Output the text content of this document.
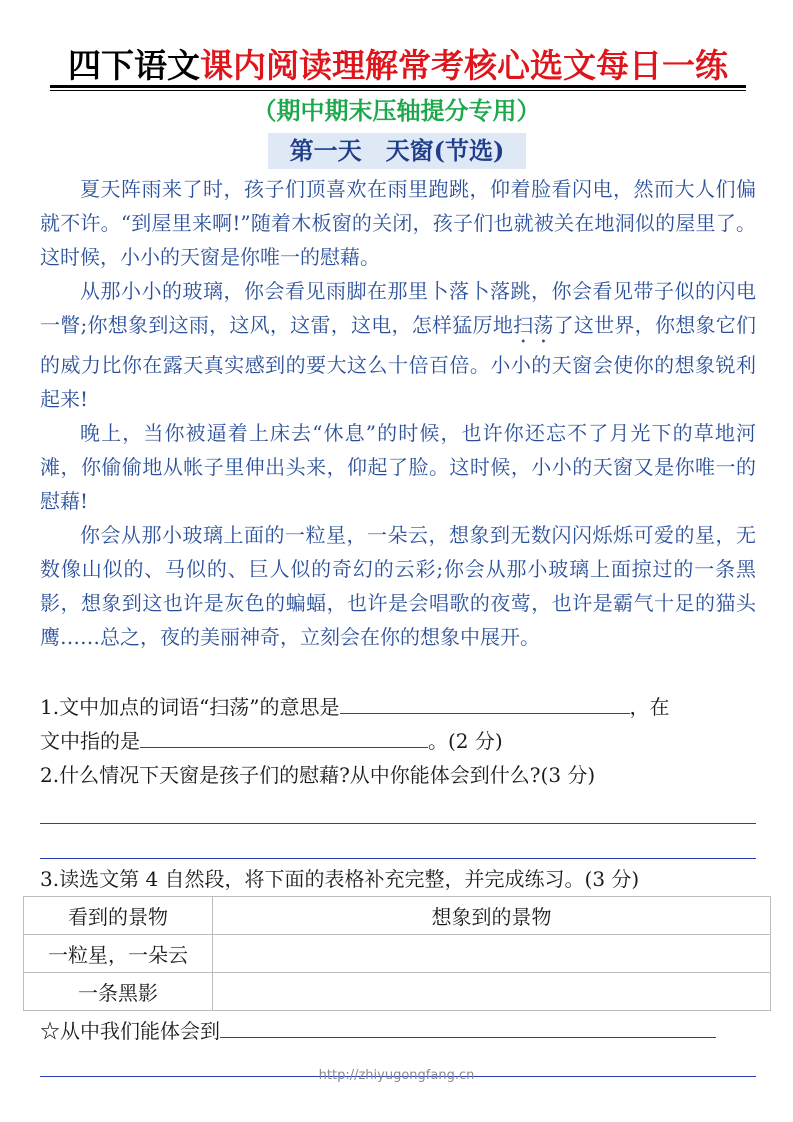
四下语文课内阅读理解常考核心选文每日一练
（期中期末压轴提分专用）
第一天　天窗(节选)

夏天阵雨来了时，孩子们顶喜欢在雨里跑跳，仰着脸看闪电，然而大人们偏就不许。“到屋里来啊!”随着木板窗的关闭，孩子们也就被关在地洞似的屋里了。这时候，小小的天窗是你唯一的慰藉。

从那小小的玻璃，你会看见雨脚在那里卜落卜落跳，你会看见带子似的闪电一瞥;你想象到这雨，这风，这雷，这电，怎样猛厉地扫荡了这世界，你想象它们的威力比你在露天真实感到的要大这么十倍百倍。小小的天窗会使你的想象锐利起来!

晚上，当你被逼着上床去“休息”的时候，也许你还忘不了月光下的草地河滩，你偷偷地从帐子里伸出头来，仰起了脸。这时候，小小的天窗又是你唯一的慰藉!

你会从那小玻璃上面的一粒星，一朵云，想象到无数闪闪烁烁可爱的星，无数像山似的、马似的、巨人似的奇幻的云彩;你会从那小玻璃上面掠过的一条黑影，想象到这也许是灰色的蝙蝠，也许是会唱歌的夜莺，也许是霸气十足的猫头鹰……总之，夜的美丽神奇，立刻会在你的想象中展开。

1.文中加点的词语“扫荡”的意思是	，在
文中指的是	。(2 分)
2.什么情况下天窗是孩子们的慰藉?从中你能体会到什么?(3 分)
3.读选文第 4 自然段，将下面的表格补充完整，并完成练习。(3 分)
看到的景物	想象到的景物
一粒星，一朵云	
一条黑影	
☆从中我们能体会到
http://zhiyugongfang.cn
